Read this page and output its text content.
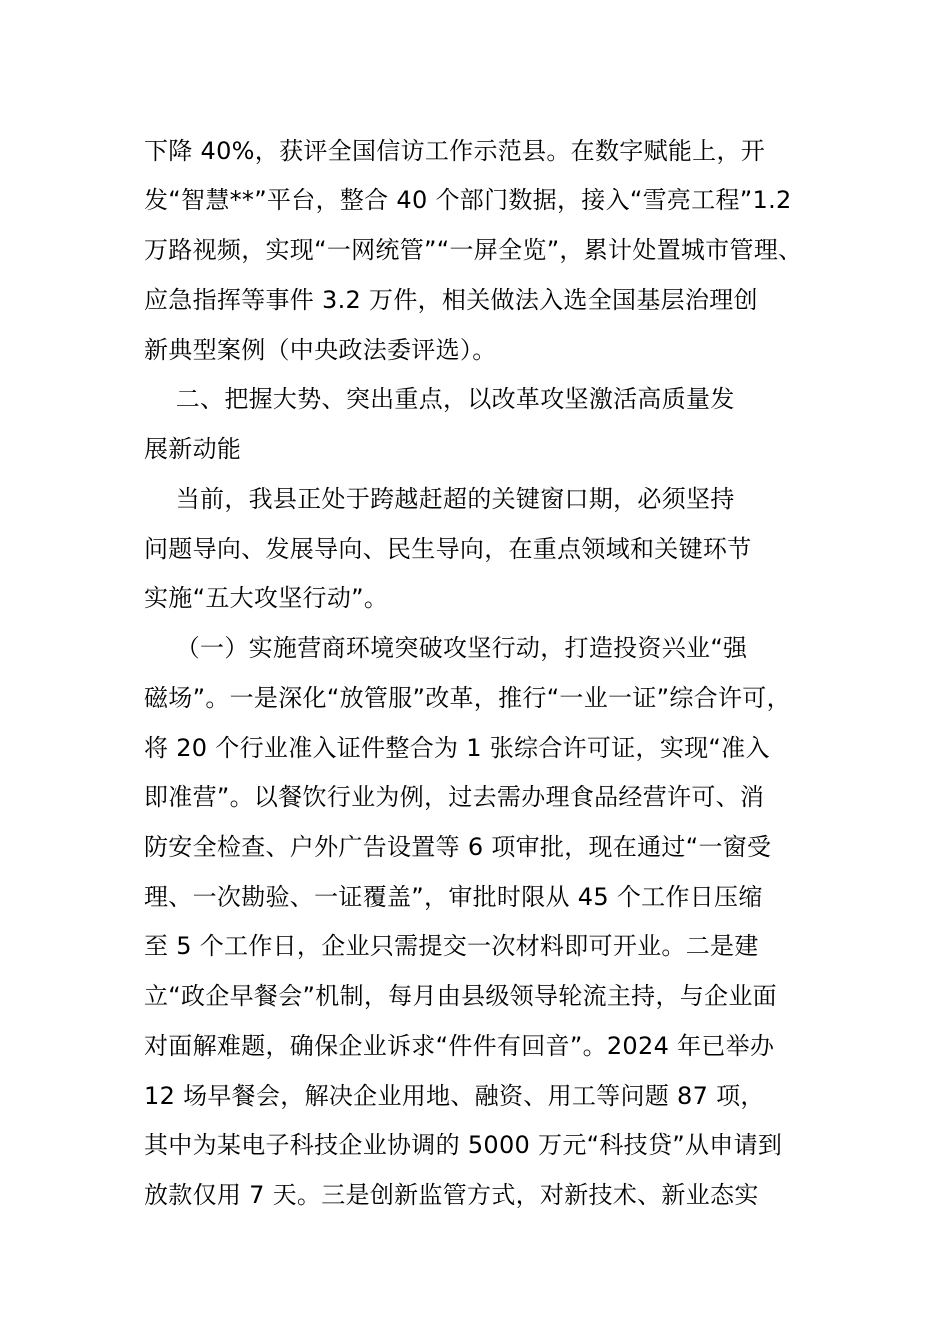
下降 40%，获评全国信访工作示范县。在数字赋能上，开
发“智慧**”平台，整合 40 个部门数据，接入“雪亮工程”1.2
万路视频，实现“一网统管”“一屏全览”，累计处置城市管理、
应急指挥等事件 3.2 万件，相关做法入选全国基层治理创
新典型案例（中央政法委评选）。
二、把握大势、突出重点，以改革攻坚激活高质量发
展新动能
当前，我县正处于跨越赶超的关键窗口期，必须坚持
问题导向、发展导向、民生导向，在重点领域和关键环节
实施“五大攻坚行动”。
（一）实施营商环境突破攻坚行动，打造投资兴业“强
磁场”。一是深化“放管服”改革，推行“一业一证”综合许可，
将 20 个行业准入证件整合为 1 张综合许可证，实现“准入
即准营”。以餐饮行业为例，过去需办理食品经营许可、消
防安全检查、户外广告设置等 6 项审批，现在通过“一窗受
理、一次勘验、一证覆盖”，审批时限从 45 个工作日压缩
至 5 个工作日，企业只需提交一次材料即可开业。二是建
立“政企早餐会”机制，每月由县级领导轮流主持，与企业面
对面解难题，确保企业诉求“件件有回音”。2024 年已举办
12 场早餐会，解决企业用地、融资、用工等问题 87 项，
其中为某电子科技企业协调的 5000 万元“科技贷”从申请到
放款仅用 7 天。三是创新监管方式，对新技术、新业态实
